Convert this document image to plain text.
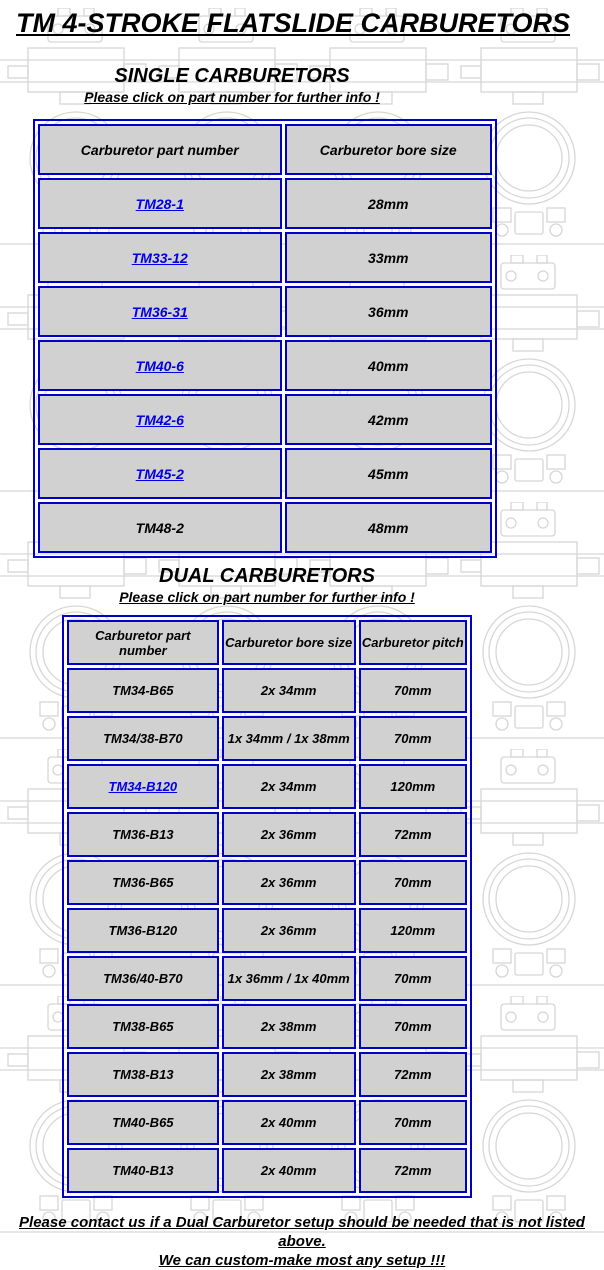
TM 4-STROKE FLATSLIDE CARBURETORS
SINGLE CARBURETORS
Please click on part number for further info !
Carburetor part number	Carburetor bore size
TM28-1	28mm
TM33-12	33mm
TM36-31	36mm
TM40-6	40mm
TM42-6	42mm
TM45-2	45mm
TM48-2	48mm
DUAL CARBURETORS
Please click on part number for further info !
Carburetor part number	Carburetor bore size	Carburetor pitch
TM34-B65	2x 34mm	70mm
TM34/38-B70	1x 34mm / 1x 38mm	70mm
TM34-B120	2x 34mm	120mm
TM36-B13	2x 36mm	72mm
TM36-B65	2x 36mm	70mm
TM36-B120	2x 36mm	120mm
TM36/40-B70	1x 36mm / 1x 40mm	70mm
TM38-B65	2x 38mm	70mm
TM38-B13	2x 38mm	72mm
TM40-B65	2x 40mm	70mm
TM40-B13	2x 40mm	72mm
Please contact us if a Dual Carburetor setup should be needed that is not listed above.
We can custom-make most any setup !!!
